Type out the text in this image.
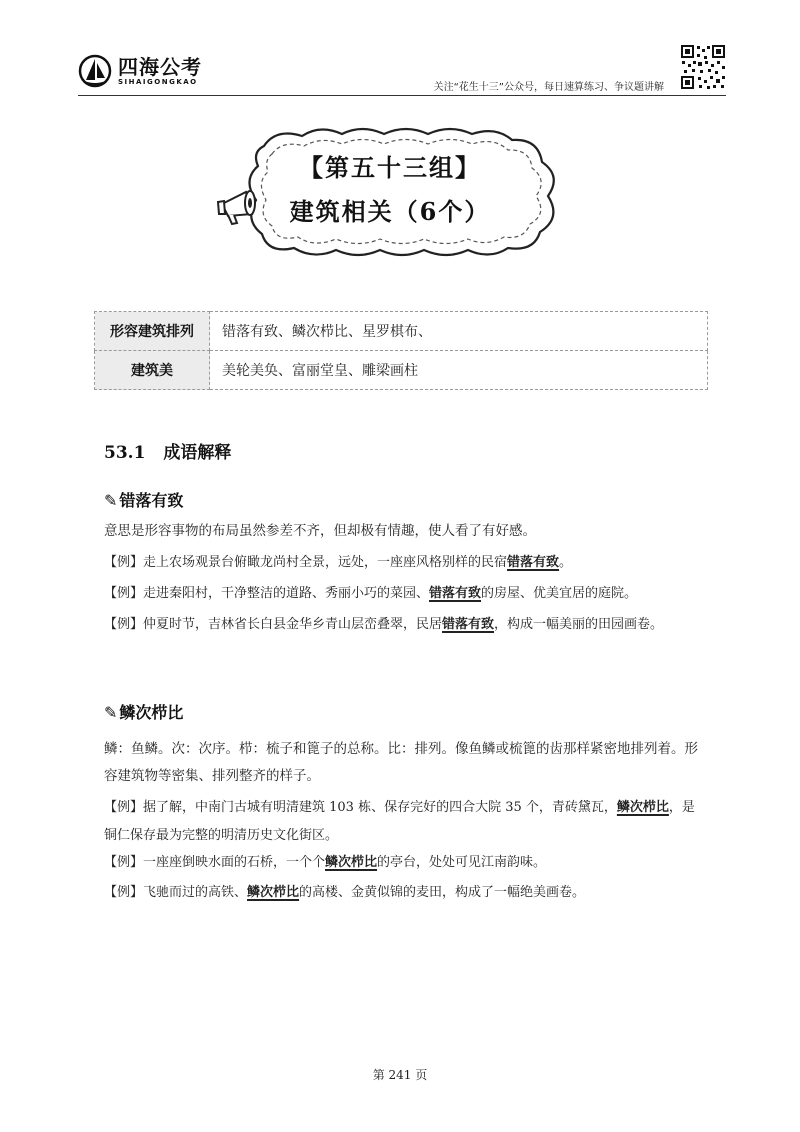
四海公考
SIHAIGONGKAO
关注“花生十三”公众号，每日速算练习、争议题讲解
【第五十三组】
建筑相关（6个）
形容建筑排列	错落有致、鳞次栉比、星罗棋布、
建筑美	美轮美奂、富丽堂皇、雕梁画柱
53.1 成语解释
✎ 错落有致
意思是形容事物的布局虽然参差不齐，但却极有情趣，使人看了有好感。
【例】走上农场观景台俯瞰龙尚村全景，远处，一座座风格别样的民宿错落有致。
【例】走进秦阳村，干净整洁的道路、秀丽小巧的菜园、错落有致的房屋、优美宜居的庭院。
【例】仲夏时节，吉林省长白县金华乡青山层峦叠翠，民居错落有致，构成一幅美丽的田园画卷。
✎ 鳞次栉比
鳞：鱼鳞。次：次序。栉：梳子和篦子的总称。比：排列。像鱼鳞或梳篦的齿那样紧密地排列着。形容建筑物等密集、排列整齐的样子。
【例】据了解，中南门古城有明清建筑 103 栋、保存完好的四合大院 35 个，青砖黛瓦，鳞次栉比，是铜仁保存最为完整的明清历史文化街区。
【例】一座座倒映水面的石桥，一个个鳞次栉比的亭台，处处可见江南韵味。
【例】飞驰而过的高铁、鳞次栉比的高楼、金黄似锦的麦田，构成了一幅绝美画卷。
第 241 页
